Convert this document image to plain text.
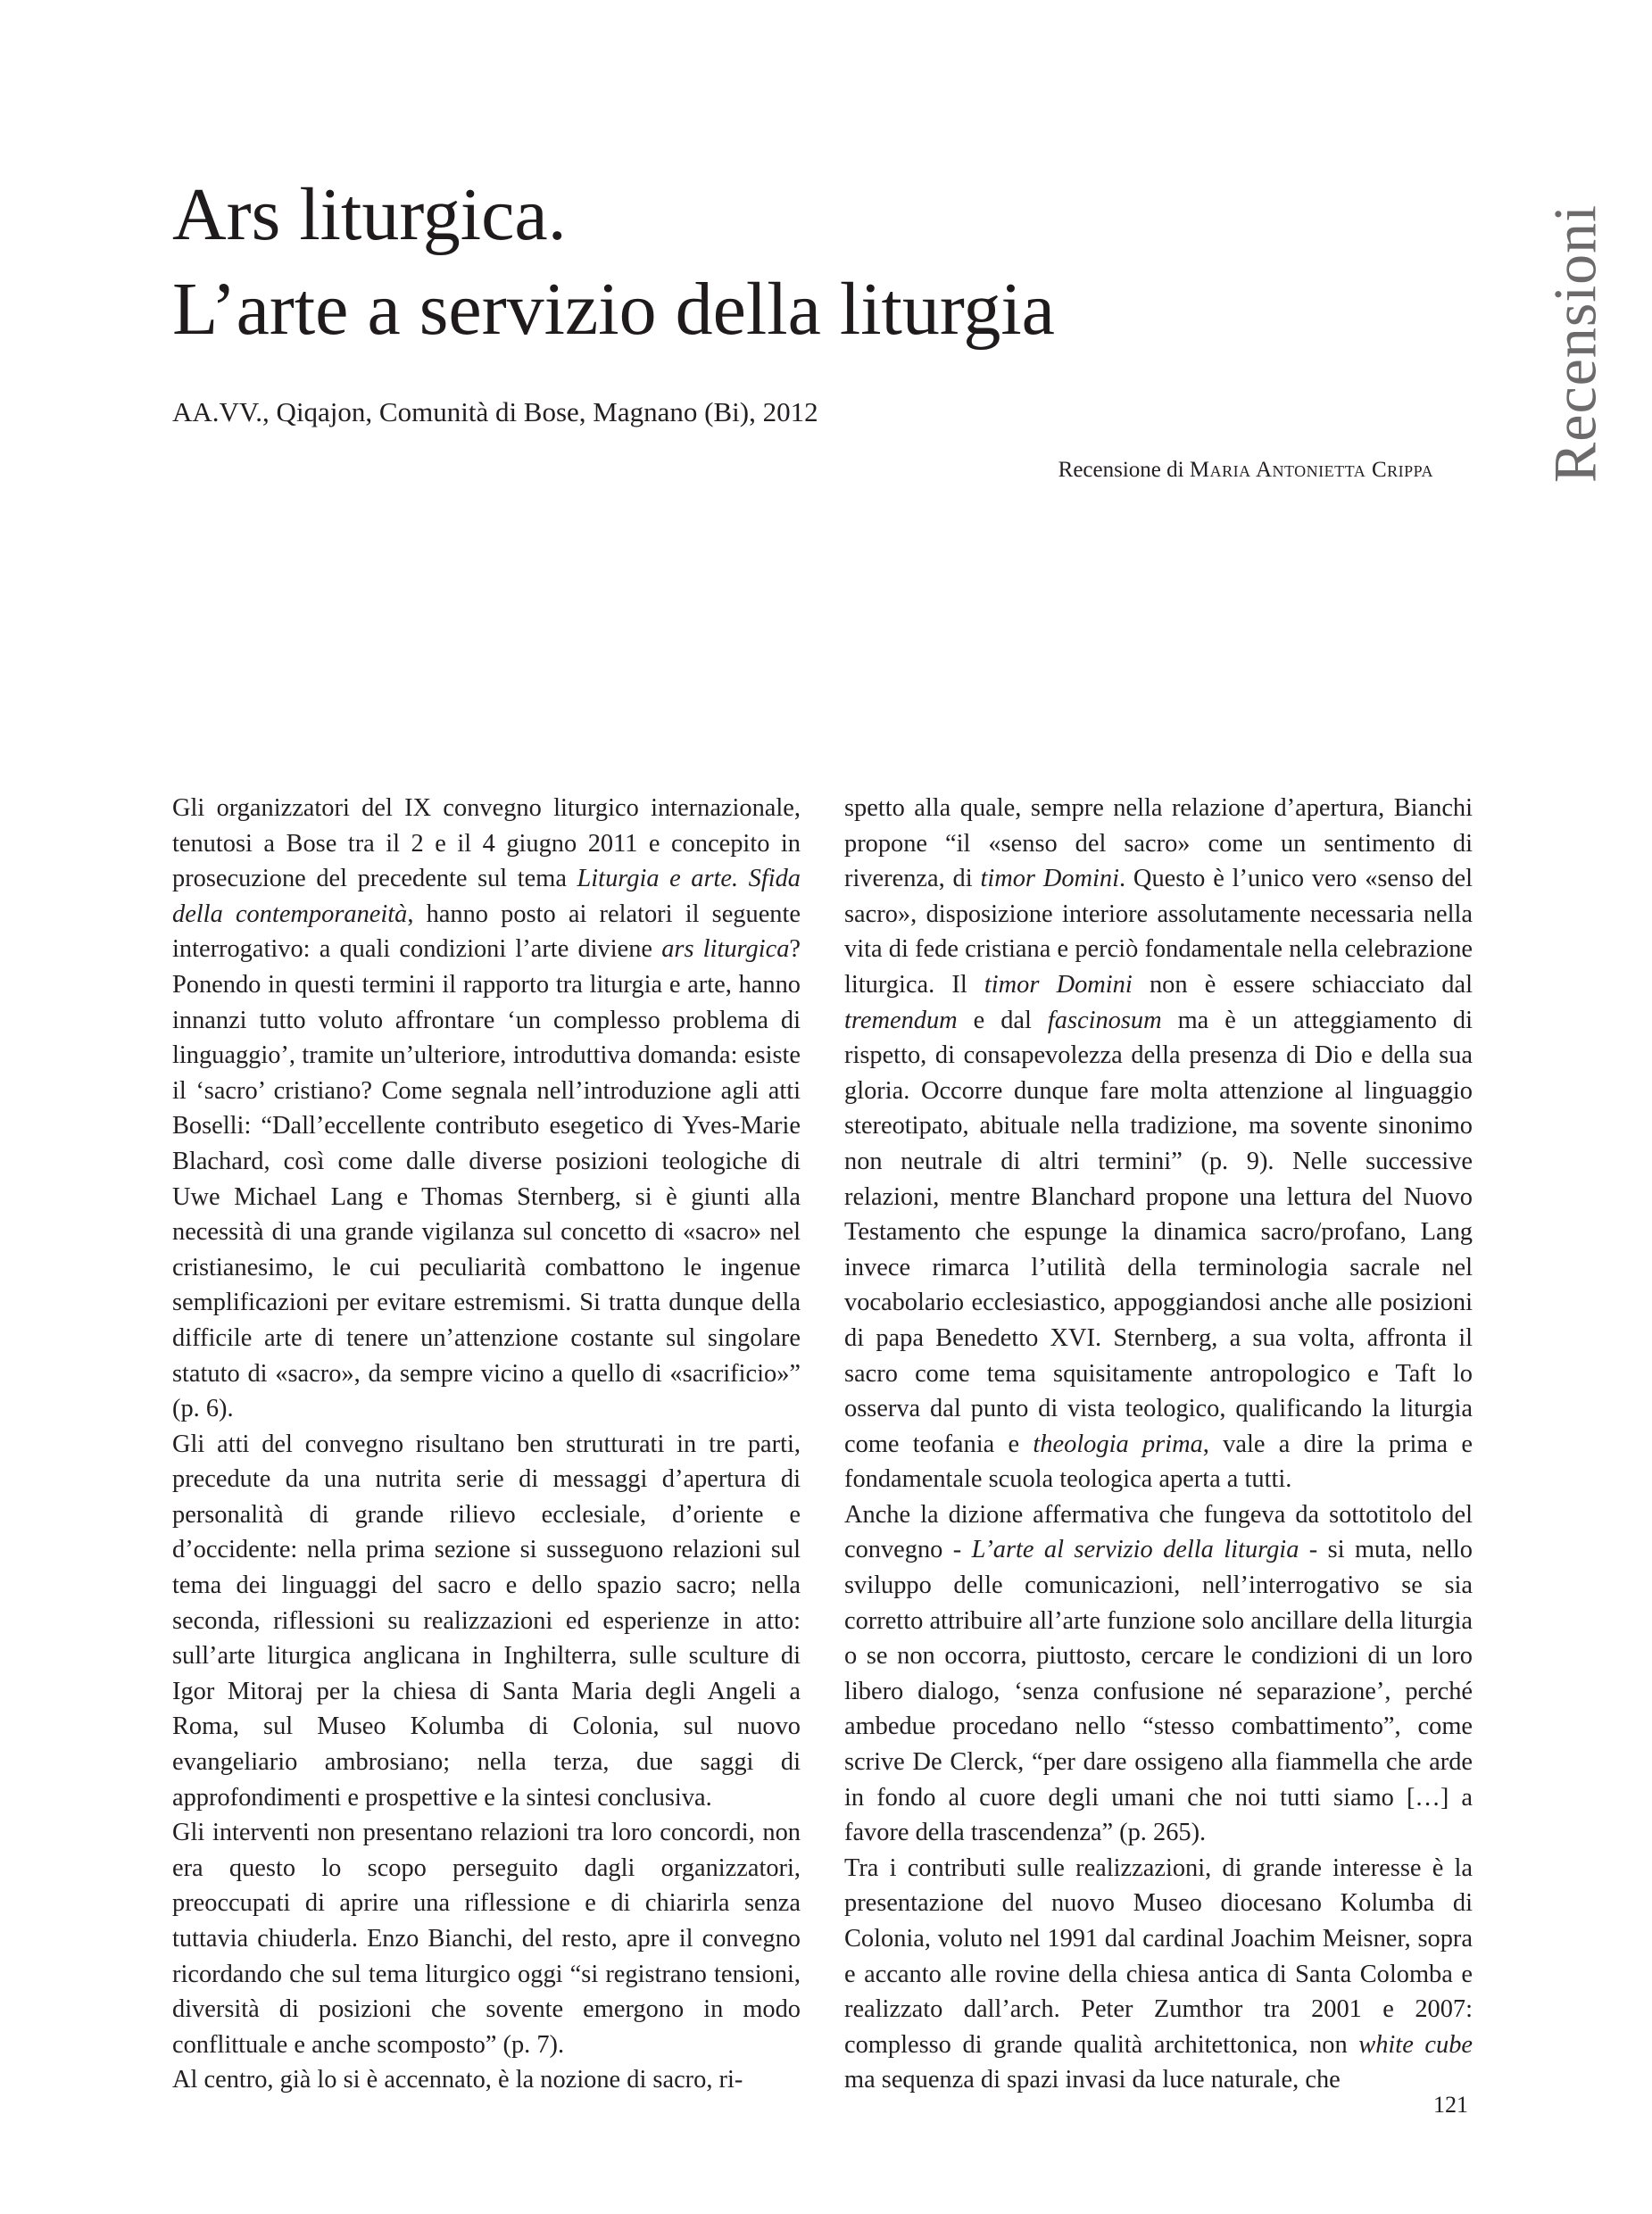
Ars liturgica.
L’arte a servizio della liturgia
AA.VV., Qiqajon, Comunità di Bose, Magnano (Bi), 2012
Recensione di Maria Antonietta Crippa Recensioni

Gli organizzatori del IX convegno liturgico internazionale, tenutosi a Bose tra il 2 e il 4 giugno 2011 e concepito in prosecuzione del precedente sul tema Liturgia e arte. Sfida della contemporaneità, hanno posto ai relatori il seguente interrogativo: a quali condizioni l’arte diviene ars liturgica? Ponendo in questi termini il rapporto tra liturgia e arte, hanno innanzi tutto voluto affrontare ‘un complesso problema di linguaggio’, tramite un’ulteriore, introduttiva domanda: esiste il ‘sacro’ cristiano? Come segnala nell’introduzione agli atti Boselli: “Dall’eccellente contributo esegetico di Yves-Marie Blachard, così come dalle diverse posizioni teologiche di Uwe Michael Lang e Thomas Sternberg, si è giunti alla necessità di una grande vigilanza sul concetto di «sacro» nel cristianesimo, le cui peculiarità combattono le ingenue semplificazioni per evitare estremismi. Si tratta dunque della difficile arte di tenere un’attenzione costante sul singolare statuto di «sacro», da sempre vicino a quello di «sacrificio»” (p. 6).

Gli atti del convegno risultano ben strutturati in tre parti, precedute da una nutrita serie di messaggi d’apertura di personalità di grande rilievo ecclesiale, d’oriente e d’occidente: nella prima sezione si susseguono relazioni sul tema dei linguaggi del sacro e dello spazio sacro; nella seconda, riflessioni su realizzazioni ed esperienze in atto: sull’arte liturgica anglicana in Inghilterra, sulle sculture di Igor Mitoraj per la chiesa di Santa Maria degli Angeli a Roma, sul Museo Kolumba di Colonia, sul nuovo evangeliario ambrosiano; nella terza, due saggi di approfondimenti e prospettive e la sintesi conclusiva.

Gli interventi non presentano relazioni tra loro concordi, non era questo lo scopo perseguito dagli organizzatori, preoccupati di aprire una riflessione e di chiarirla senza tuttavia chiuderla. Enzo Bianchi, del resto, apre il convegno ricordando che sul tema liturgico oggi “si registrano tensioni, diversità di posizioni che sovente emergono in modo conflittuale e anche scomposto” (p. 7).

Al centro, già lo si è accennato, è la nozione di sacro, ri-

spetto alla quale, sempre nella relazione d’apertura, Bianchi propone “il «senso del sacro» come un sentimento di riverenza, di timor Domini. Questo è l’unico vero «senso del sacro», disposizione interiore assolutamente necessaria nella vita di fede cristiana e perciò fondamentale nella celebrazione liturgica. Il timor Domini non è essere schiacciato dal tremendum e dal fascinosum ma è un atteggiamento di rispetto, di consapevolezza della presenza di Dio e della sua gloria. Occorre dunque fare molta attenzione al linguaggio stereotipato, abituale nella tradizione, ma sovente sinonimo non neutrale di altri termini” (p. 9). Nelle successive relazioni, mentre Blanchard propone una lettura del Nuovo Testamento che espunge la dinamica sacro/profano, Lang invece rimarca l’utilità della terminologia sacrale nel vocabolario ecclesiastico, appoggiandosi anche alle posizioni di papa Benedetto XVI. Sternberg, a sua volta, affronta il sacro come tema squisitamente antropologico e Taft lo osserva dal punto di vista teologico, qualificando la liturgia come teofania e theologia prima, vale a dire la prima e fondamentale scuola teologica aperta a tutti.

Anche la dizione affermativa che fungeva da sottotitolo del convegno - L’arte al servizio della liturgia - si muta, nello sviluppo delle comunicazioni, nell’interrogativo se sia corretto attribuire all’arte funzione solo ancillare della liturgia o se non occorra, piuttosto, cercare le condizioni di un loro libero dialogo, ‘senza confusione né separazione’, perché ambedue procedano nello “stesso combattimento”, come scrive De Clerck, “per dare ossigeno alla fiammella che arde in fondo al cuore degli umani che noi tutti siamo […] a favore della trascendenza” (p. 265).

Tra i contributi sulle realizzazioni, di grande interesse è la presentazione del nuovo Museo diocesano Kolumba di Colonia, voluto nel 1991 dal cardinal Joachim Meisner, sopra e accanto alle rovine della chiesa antica di Santa Colomba e realizzato dall’arch. Peter Zumthor tra 2001 e 2007: complesso di grande qualità architettonica, non white cube ma sequenza di spazi invasi da luce naturale, che

121
